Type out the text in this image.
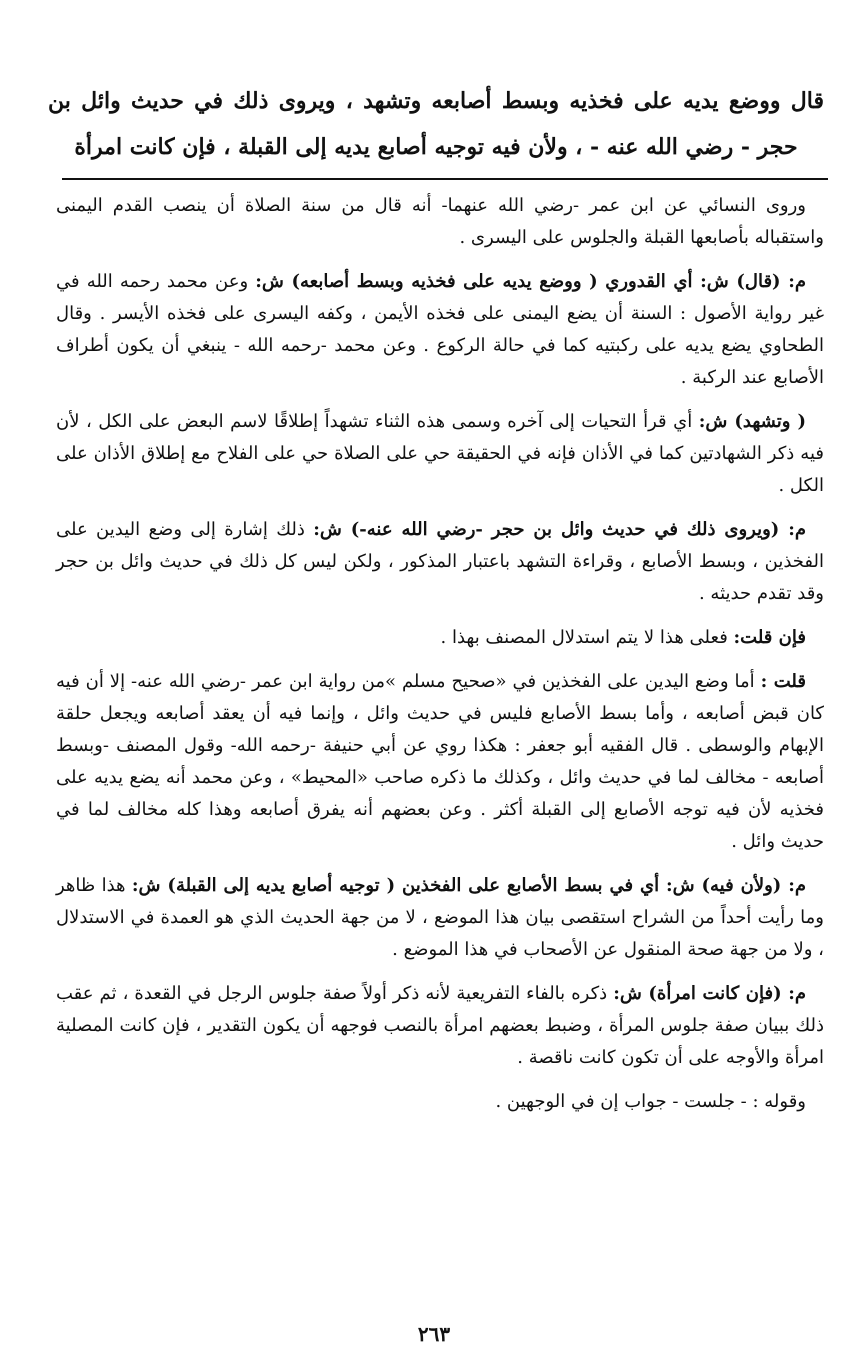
قال ووضع يديه على فخذيه وبسط أصابعه وتشهد ، ويروى ذلك في حديث وائل بن حجر - رضي الله عنه - ، ولأن فيه توجيه أصابع يديه إلى القبلة ، فإن كانت امرأة

وروى النسائي عن ابن عمر -رضي الله عنهما- أنه قال من سنة الصلاة أن ينصب القدم اليمنى واستقباله بأصابعها القبلة والجلوس على اليسرى .

م: (قال) ش: أي القدوري ( ووضع يديه على فخذيه وبسط أصابعه) ش: وعن محمد رحمه الله في غير رواية الأصول : السنة أن يضع اليمنى على فخذه الأيمن ، وكفه اليسرى على فخذه الأيسر . وقال الطحاوي يضع يديه على ركبتيه كما في حالة الركوع . وعن محمد -رحمه الله - ينبغي أن يكون أطراف الأصابع عند الركبة .

( وتشهد) ش: أي قرأ التحيات إلى آخره وسمى هذه الثناء تشهداً إطلاقًا لاسم البعض على الكل ، لأن فيه ذكر الشهادتين كما في الأذان فإنه في الحقيقة حي على الصلاة حي على الفلاح مع إطلاق الأذان على الكل .

م: (ويروى ذلك في حديث وائل بن حجر -رضي الله عنه-) ش: ذلك إشارة إلى وضع اليدين على الفخذين ، وبسط الأصابع ، وقراءة التشهد باعتبار المذكور ، ولكن ليس كل ذلك في حديث وائل بن حجر وقد تقدم حديثه .

فإن قلت: فعلى هذا لا يتم استدلال المصنف بهذا .

قلت : أما وضع اليدين على الفخذين في «صحيح مسلم »من رواية ابن عمر -رضي الله عنه- إلا أن فيه كان قبض أصابعه ، وأما بسط الأصابع فليس في حديث وائل ، وإنما فيه أن يعقد أصابعه ويجعل حلقة الإبهام والوسطى . قال الفقيه أبو جعفر : هكذا روي عن أبي حنيفة -رحمه الله- وقول المصنف -وبسط أصابعه - مخالف لما في حديث وائل ، وكذلك ما ذكره صاحب «المحيط» ، وعن محمد أنه يضع يديه على فخذيه لأن فيه توجه الأصابع إلى القبلة أكثر . وعن بعضهم أنه يفرق أصابعه وهذا كله مخالف لما في حديث وائل .

م: (ولأن فيه) ش: أي في بسط الأصابع على الفخذين ( توجيه أصابع يديه إلى القبلة) ش: هذا ظاهر وما رأيت أحداً من الشراح استقصى بيان هذا الموضع ، لا من جهة الحديث الذي هو العمدة في الاستدلال ، ولا من جهة صحة المنقول عن الأصحاب في هذا الموضع .

م: (فإن كانت امرأة) ش: ذكره بالفاء التفريعية لأنه ذكر أولاً صفة جلوس الرجل في القعدة ، ثم عقب ذلك ببيان صفة جلوس المرأة ، وضبط بعضهم امرأة بالنصب فوجهه أن يكون التقدير ، فإن كانت المصلية امرأة والأوجه على أن تكون كانت ناقصة .

وقوله : - جلست - جواب إن في الوجهين .

٢٦٣
